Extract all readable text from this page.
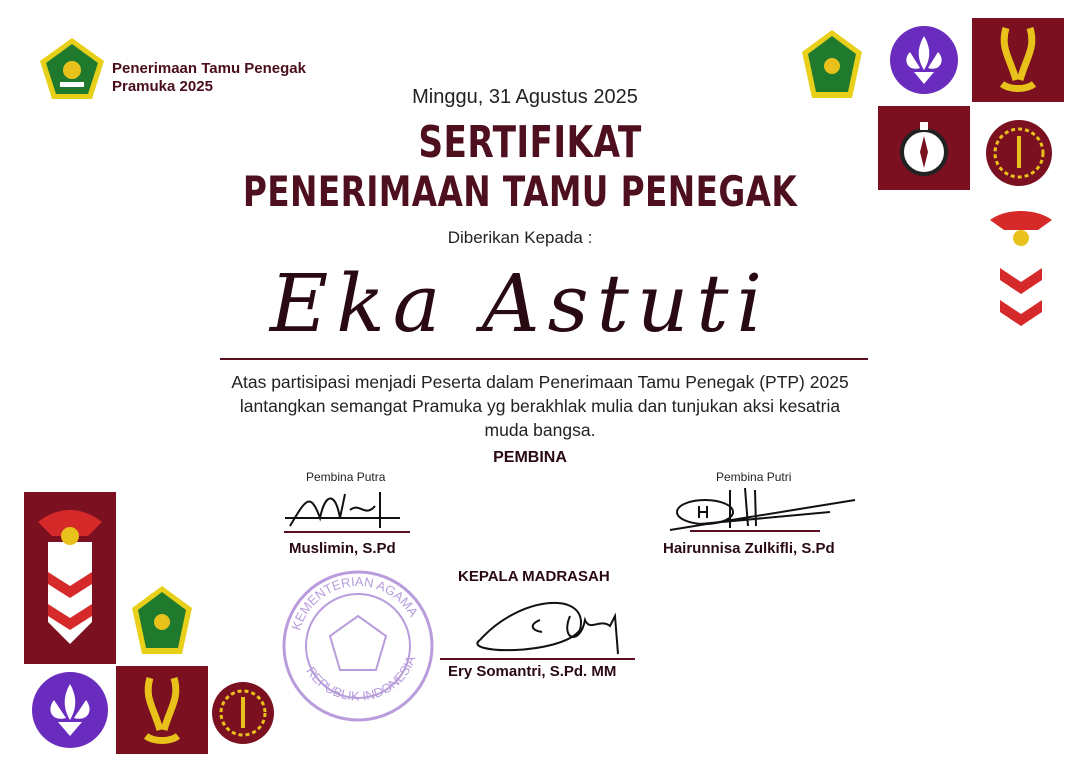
Penerimaan Tamu Penegak
Pramuka 2025	Minggu, 31 Agustus 2025
SERTIFIKAT
PENERIMAAN TAMU PENEGAK
Diberikan Kepada :
Eka Astuti
Atas partisipasi menjadi Peserta dalam Penerimaan Tamu Penegak (PTP) 2025
lantangkan semangat Pramuka yg berakhlak mulia dan tunjukan aksi kesatria
muda bangsa.
PEMBINA
Pembina Putra
Muslimin, S.Pd
Pembina Putri
Hairunnisa Zulkifli, S.Pd
KEMENTERIAN AGAMA
REPUBLIK INDONESIA
KEPALA MADRASAH
Ery Somantri, S.Pd. MM
